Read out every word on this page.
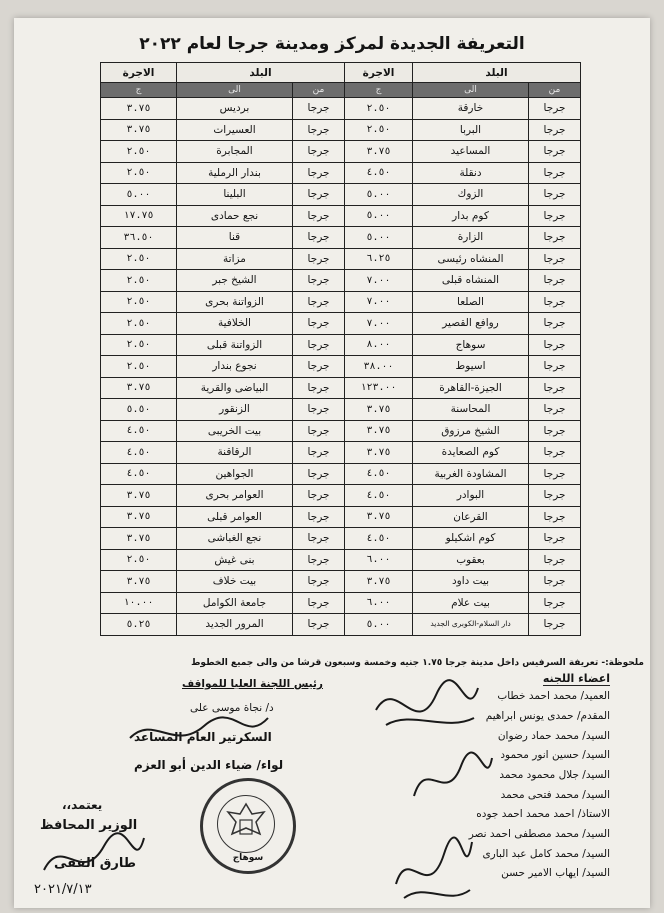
التعريفة الجديدة لمركز ومدينة جرجا لعام ٢٠٢٢
البلد		الاجرة	البلد		الاجرة
من	الى	ج	من	الى	ج
جرجا	خارقة	٢.٥٠	جرجا	برديس	٣.٧٥
جرجا	البربا	٢.٥٠	جرجا	العسيرات	٣.٧٥
جرجا	المساعيد	٣.٧٥	جرجا	المجابرة	٢.٥٠
جرجا	دنقلة	٤.٥٠	جرجا	بندار الرملية	٢.٥٠
جرجا	الزوك	٥.٠٠	جرجا	البلينا	٥.٠٠
جرجا	كوم بدار	٥.٠٠	جرجا	نجع حمادى	١٧.٧٥
جرجا	الزارة	٥.٠٠	جرجا	قنا	٣٦.٥٠
جرجا	المنشاه رئيسى	٦.٢٥	جرجا	مزاتة	٢.٥٠
جرجا	المنشاه قبلى	٧.٠٠	جرجا	الشيخ جبر	٢.٥٠
جرجا	الصلعا	٧.٠٠	جرجا	الزواتنة بحرى	٢.٥٠
جرجا	روافع القصير	٧.٠٠	جرجا	الخلافية	٢.٥٠
جرجا	سوهاج	٨.٠٠	جرجا	الزواتنة قبلى	٢.٥٠
جرجا	اسيوط	٣٨.٠٠	جرجا	نجوع بندار	٢.٥٠
جرجا	الجيزة-القاهرة	١٢٣.٠٠	جرجا	البياضى والقرية	٣.٧٥
جرجا	المحاسنة	٣.٧٥	جرجا	الزنقور	٥.٥٠
جرجا	الشيخ مرزوق	٣.٧٥	جرجا	بيت الخريبى	٤.٥٠
جرجا	كوم الصعايدة	٣.٧٥	جرجا	الرقاقنة	٤.٥٠
جرجا	المشاودة الغربية	٤.٥٠	جرجا	الجواهين	٤.٥٠
جرجا	البوادر	٤.٥٠	جرجا	العوامر بحرى	٣.٧٥
جرجا	القرعان	٣.٧٥	جرجا	العوامر قبلى	٣.٧٥
جرجا	كوم اشكيلو	٤.٥٠	جرجا	نجع الغباشى	٣.٧٥
جرجا	بعقوب	٦.٠٠	جرجا	بنى غيش	٢.٥٠
جرجا	بيت داود	٣.٧٥	جرجا	بيت خلاف	٣.٧٥
جرجا	بيت علام	٦.٠٠	جرجا	جامعة الكوامل	١٠.٠٠
جرجا	دار السلام-الكوبرى الجديد	٥.٠٠	جرجا	المرور الجديد	٥.٢٥
ملحوظة:- تعريفة السرفيس داخل مدينة جرجا ١.٧٥ جنيه وخمسة وسبعون قرشا من والى جميع الخطوط
اعضاء اللجنه
العميد/ محمد احمد خطاب
المقدم/ حمدى يونس ابراهيم
السيد/ محمد حماد رضوان
السيد/ حسين انور محمود
السيد/ جلال محمود محمد
السيد/ محمد فتحى محمد
الاستاذ/ احمد محمد احمد جوده
السيد/ محمد مصطفى احمد نصر
السيد/ محمد كامل عبد البارى
السيد/ ايهاب الامير حسن
رئيس اللجنة العليا للمواقف
د/ نجاة موسى على
السكرتير العام المساعد
لواء/ ضياء الدين أبو العزم
يعتمد،،
الوزير المحافظ
طارق الفقى
٢٠٢١/٧/١٣
سوهاج
